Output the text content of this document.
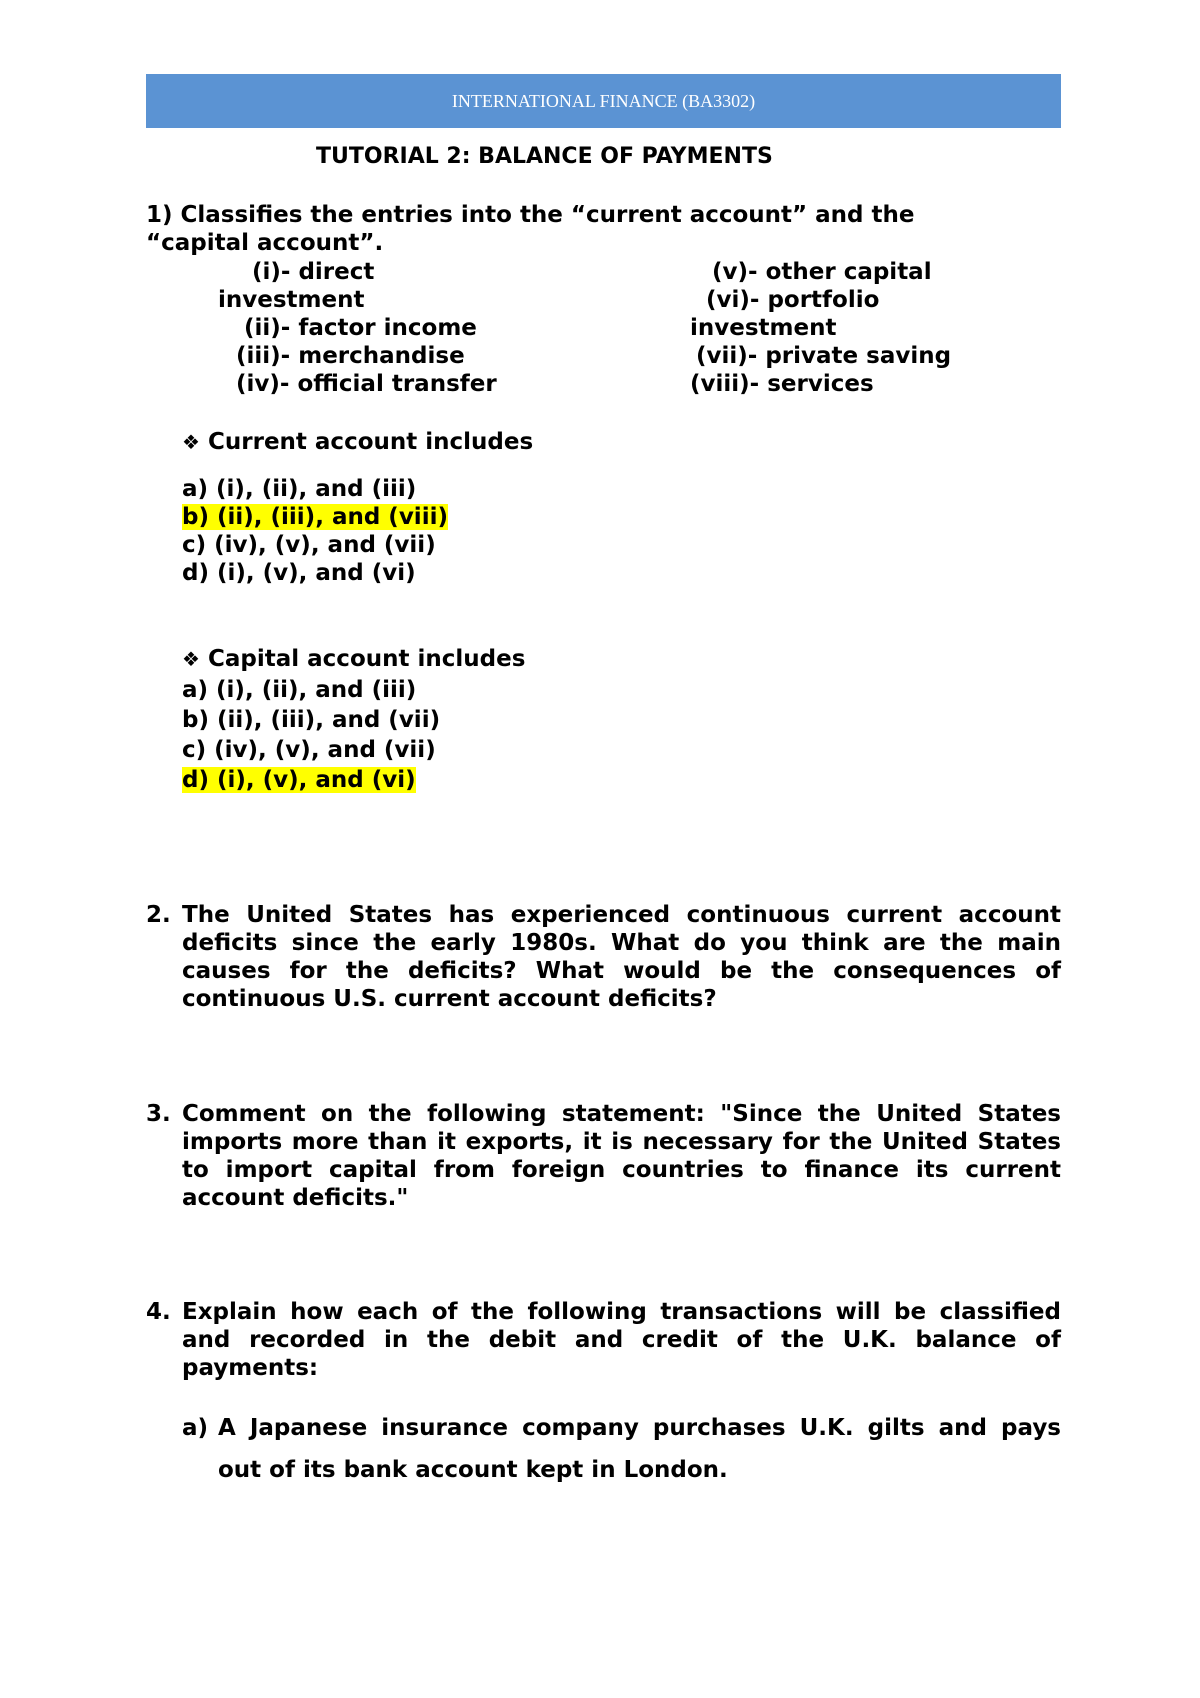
INTERNATIONAL FINANCE (BA3302)
TUTORIAL 2: BALANCE OF PAYMENTS
1) Classifies the entries into the “current account” and the
“capital account”.
(i)- direct
investment
(ii)- factor income
(iii)- merchandise
(iv)- official transfer
(v)- other capital
(vi)- portfolio
investment
(vii)- private saving
(viii)- services
❖ Current account includes
a) (i), (ii), and (iii)
b) (ii), (iii), and (viii)
c) (iv), (v), and (vii)
d) (i), (v), and (vi)
❖ Capital account includes
a) (i), (ii), and (iii)
b) (ii), (iii), and (vii)
c) (iv), (v), and (vii)
d) (i), (v), and (vi)
2. The United States has experienced continuous current account deficits since the early 1980s. What do you think are the main causes for the deficits? What would be the consequences of continuous U.S. current account deficits?
3. Comment on the following statement: "Since the United States imports more than it exports, it is necessary for the United States to import capital from foreign countries to finance its current account deficits."
4. Explain how each of the following transactions will be classified and recorded in the debit and credit of the U.K. balance of payments:
a) A Japanese insurance company purchases U.K. gilts and pays out of its bank account kept in London.
